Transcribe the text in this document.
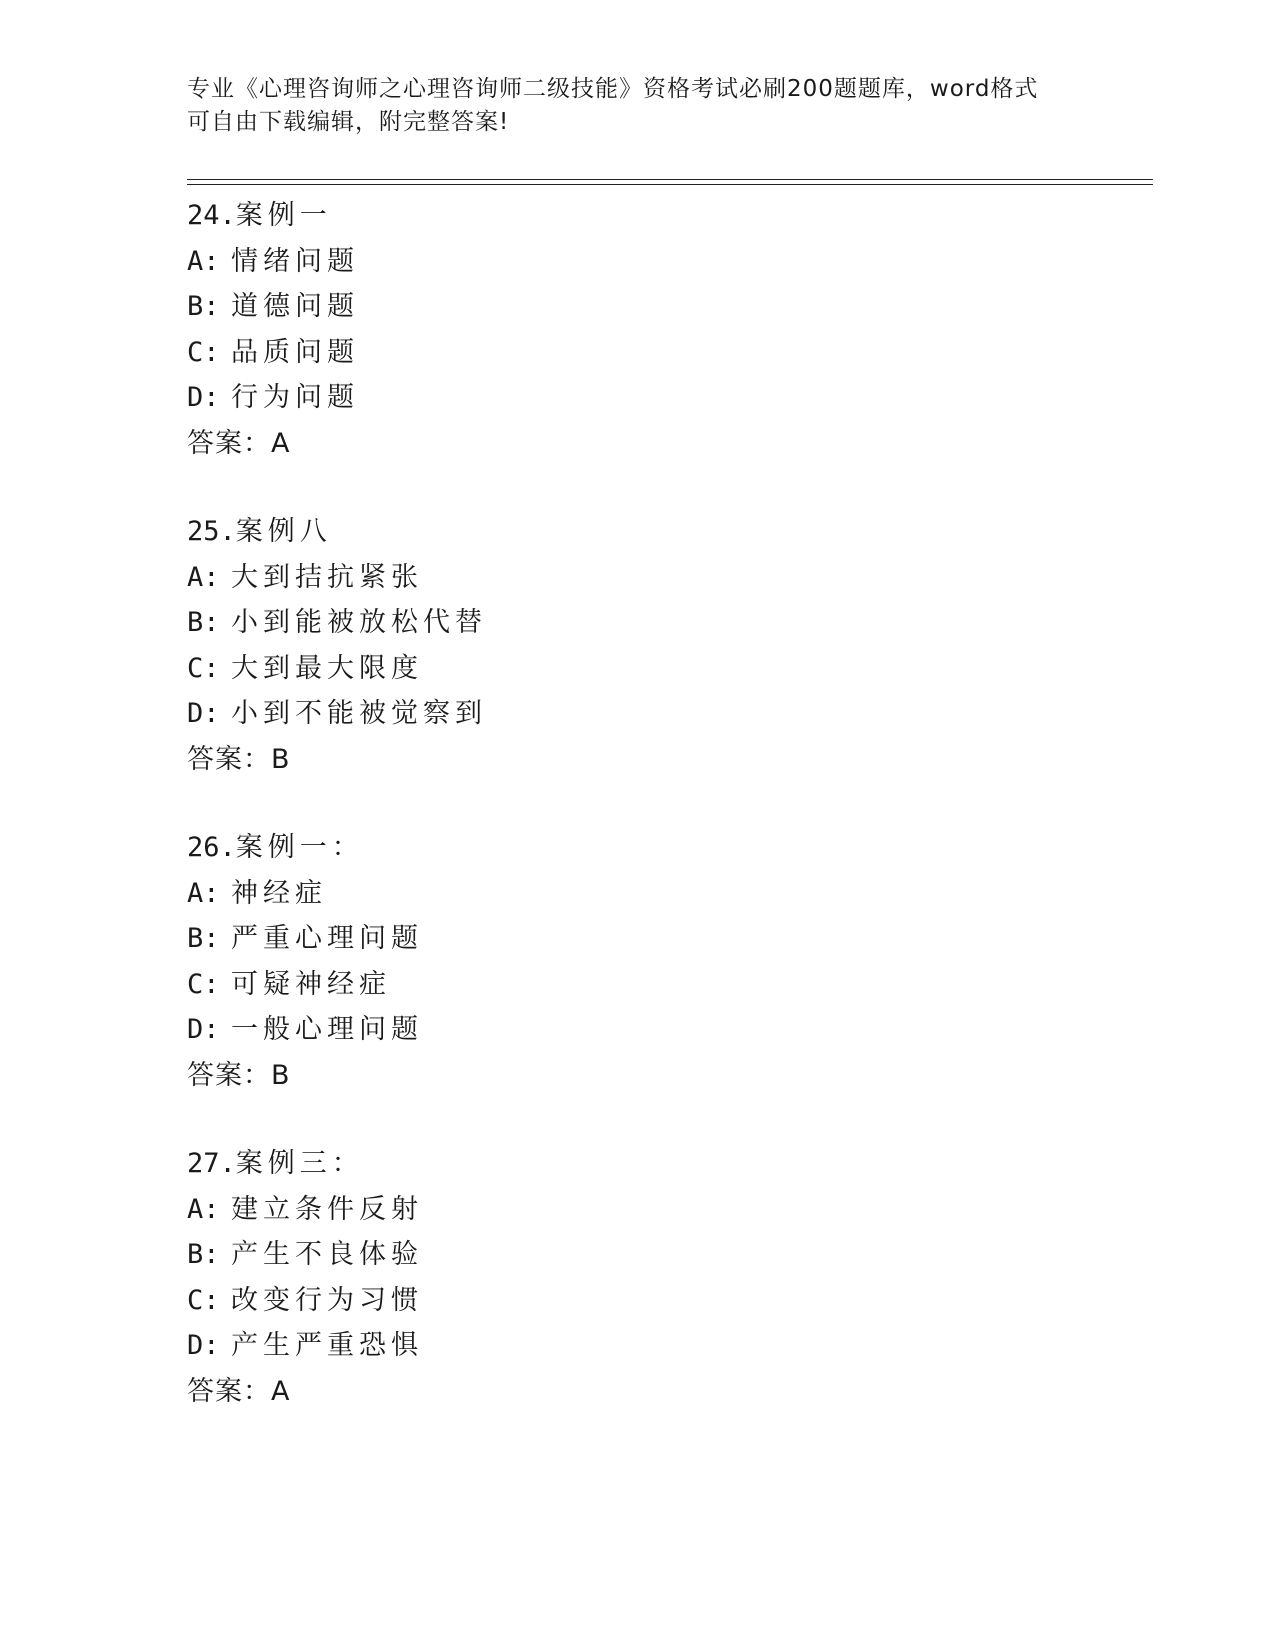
专业《心理咨询师之心理咨询师二级技能》资格考试必刷200题题库，word格式
可自由下载编辑，附完整答案!
24.案例一
A: 情绪问题
B: 道德问题
C: 品质问题
D: 行为问题
答案：A
25.案例八
A: 大到拮抗紧张
B: 小到能被放松代替
C: 大到最大限度
D: 小到不能被觉察到
答案：B
26.案例一：
A: 神经症
B: 严重心理问题
C: 可疑神经症
D: 一般心理问题
答案：B
27.案例三：
A: 建立条件反射
B: 产生不良体验
C: 改变行为习惯
D: 产生严重恐惧
答案：A
